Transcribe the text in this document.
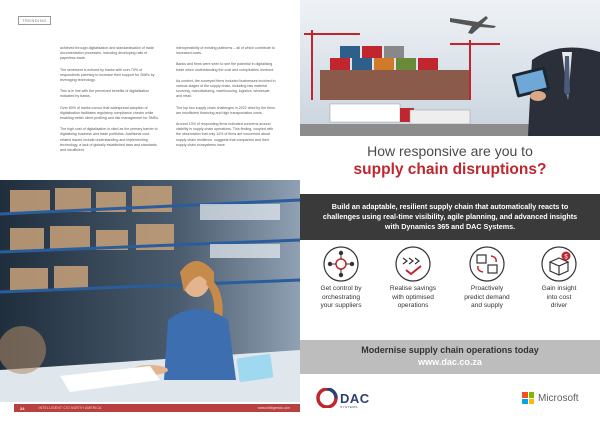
TRENDING

achieved through digitalisation and standardisation of trade documentation processes, including developing rails of paperless trade.

The sentiment is echoed by banks with over 70% of respondents planning to increase their support for SMEs by leveraging technology.

This is in line with the perceived benefits of digitalisation indicated by banks.

Over 60% of banks concur that widespread adoption of digitalisation facilitates regulatory compliance checks while enabling better client profiling and risk management for SMEs.

The high cost of digitalisation is cited as the primary barrier to digitalising business and trade portfolios. Additional cost-related issues include understanding and implementing technology, a lack of globally established laws and standards and insufficient

interoperability of existing platforms – all of which contribute to increased costs.

Banks and firms were seen to see the potential in digitalising trade when understanding the cost and complexities involved.

As context, the surveyed firms included businesses involved in various stages of the supply chain, including raw material sourcing, manufacturing, warehousing, logistics, wholesale and retail.

The top two supply chain challenges in 2022 cited by the firms are insufficient financing and high transportation costs.

Around 13% of responding firms indicated concerns around visibility in supply chain operations. This finding, coupled with the observation that only 14% of firms are concerned about supply chain resilience, suggests that companies and their supply chain ecosystems have

24	INTELLIGENT CIO NORTH AMERICA	www.intelligentcio.com
How responsive are you to
supply chain disruptions?
Build an adaptable, resilient supply chain that automatically reacts to challenges using real-time visibility, agile planning, and advanced insights with Dynamics 365 and DAC Systems.
Get control by
orchestrating
your suppliers
Realise savings
with optimised
operations
Proactively
predict demand
and supply
$
Gain insight
into cost
driver
Modernise supply chain operations today
www.dac.co.za
DAC
SYSTEMS
Microsoft
